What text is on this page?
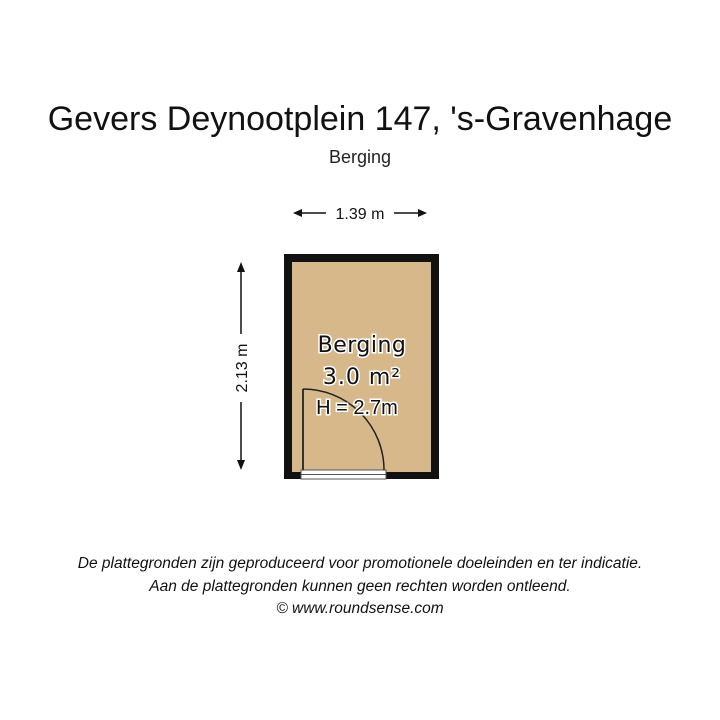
Gevers Deynootplein 147, 's-Gravenhage
Berging
1.39 m
2.13 m	Berging
3.0 m²
H = 2.7m
De plattegronden zijn geproduceerd voor promotionele doeleinden en ter indicatie.
Aan de plattegronden kunnen geen rechten worden ontleend.
© www.roundsense.com
